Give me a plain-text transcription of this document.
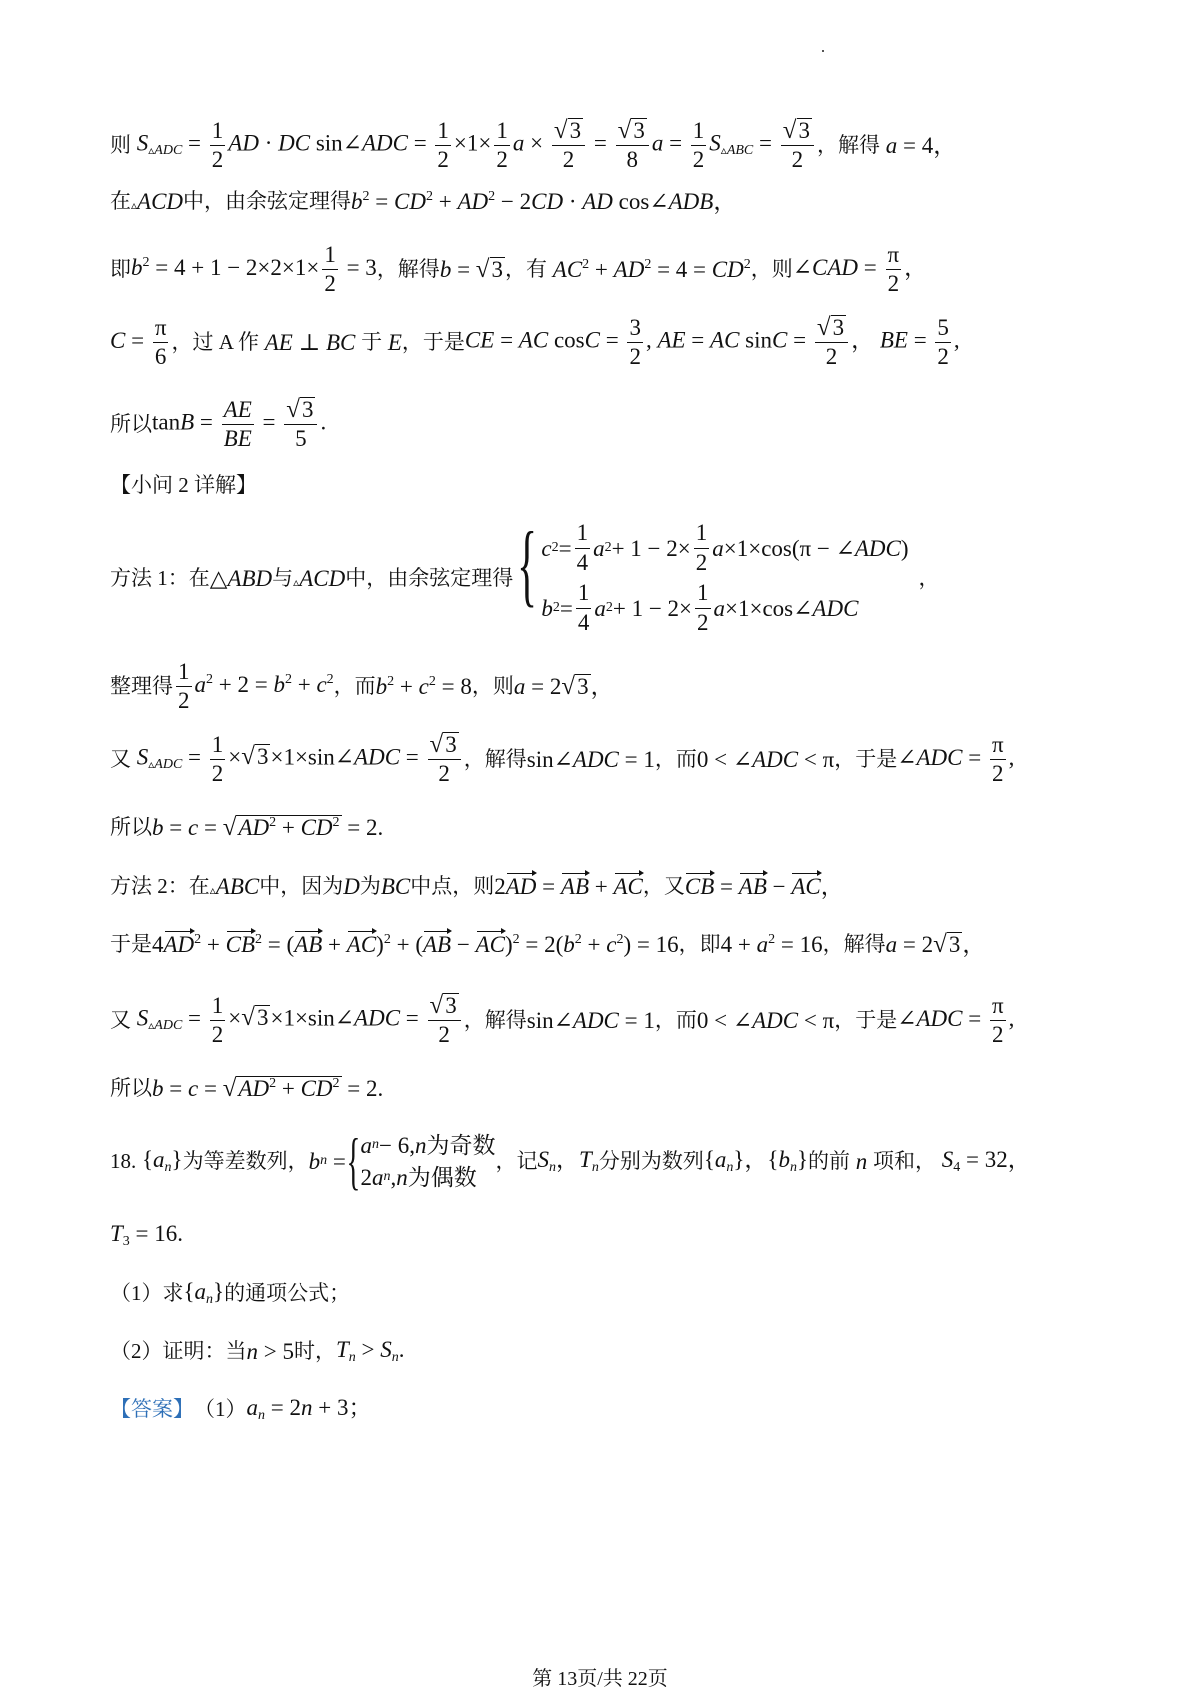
则 $S_{▵ADC} = \frac{1}{2}$ AD · DC sin∠ADC = $\frac{1}{2} \times 1\times \frac{1}{2}$ $a \times \frac{√ 3}{2} = \frac{√ 3}{8}$ $a = \frac{1}{2} S_{▵ABC} = \frac{√ 3}{2}$ ，解得 a = 4，
在 ▵ACD 中，由余弦定理得 $b^2 = CD^2 + AD^2 - 2CD$ · AD cos∠ADB，
即 $b^2 = 4 + 1 - 2\times 2\times 1\times \frac{1}{2} = 3$ ，解得 b = √ 3 ，有 $AC^2 + AD^2 = 4 = CD^2$ ，则 ∠CAD = $\frac{\pi}{2}$ ，
$C = \frac{\pi}{6}$ ，过 A 作 AE ⊥ BC 于 E ，于是 CE = AC $\cos C = \frac{3}{2}$ , AE = AC $\sin C = \frac{√ 3}{2}$ ， BE = $\frac{5}{2}$ ,
所以 $\tan B = \frac{AE}{BE} = \frac{√ 3}{5}$ .
【小问 2 详解】
方法 1：在 △ABD 与 ▵ACD 中，由余弦定理得 { c $2 = \frac{1}{4}$ a $2 + 1 - 2\times \frac{1}{2}$ a ×1×cos(π − ∠ ADC )
b $2 = \frac{1}{4}$ a $2 + 1 - 2\times \frac{1}{2}$ a ×1×cos∠ ADC
，
整理得 $\frac{1}{2} a^2 + 2 = b^2 + c^2$ ，而 $b^2 + c^2 = 8$ ，则 a = 2 √ 3 ，
又 $S_{▵ADC} = \frac{1}{2}$ × √ 3 ×1×sin∠ADC = $\frac{√ 3}{2}$ ，解得 sin∠ADC = 1 ，而 0 < ∠ADC < π ，于是 ∠ADC = $\frac{\pi}{2}$ ,
所以 b = c = √ $AD^2 + CD^2 = 2$.
方法 2：在 ▵ABC 中，因为 D 为 BC 中点，则 2AD = AB + AC ，又 CB = AB − AC，
于是 $4AD^2 + CB^2 = (AB + AC)^2 + (AB - AC)^2 = 2(b^2 + c^2) = 16$ ，即 $4 + a^2 = 16$ ，解得 a = 2 √ 3 ，
又 $S_{▵ADC} = \frac{1}{2}$ × √ 3 ×1×sin∠ADC = $\frac{√ 3}{2}$ ，解得 sin∠ADC = 1 ，而 0 < ∠ADC < π ，于是 ∠ADC = $\frac{\pi}{2}$ ,
所以 b = c = √ $AD^2 + CD^2 = 2$.
18. $\{a_n\}$ 为等差数列， b n = { a n − 6, n 为奇数
2 a n , n 为偶数
，记 $S_n$，$T_n$ 分别为数列 $\{a_n\}$，$\{b_n\}$ 的前 n 项和， $S_4 = 32$，
$T_3 = 16$.
（1）求 $\{a_n\}$ 的通项公式；
（2）证明：当 n > 5 时， $T_n > S_n$.
【答案】 （1） $a_n = 2n + 3$；
第 13页/共 22页
